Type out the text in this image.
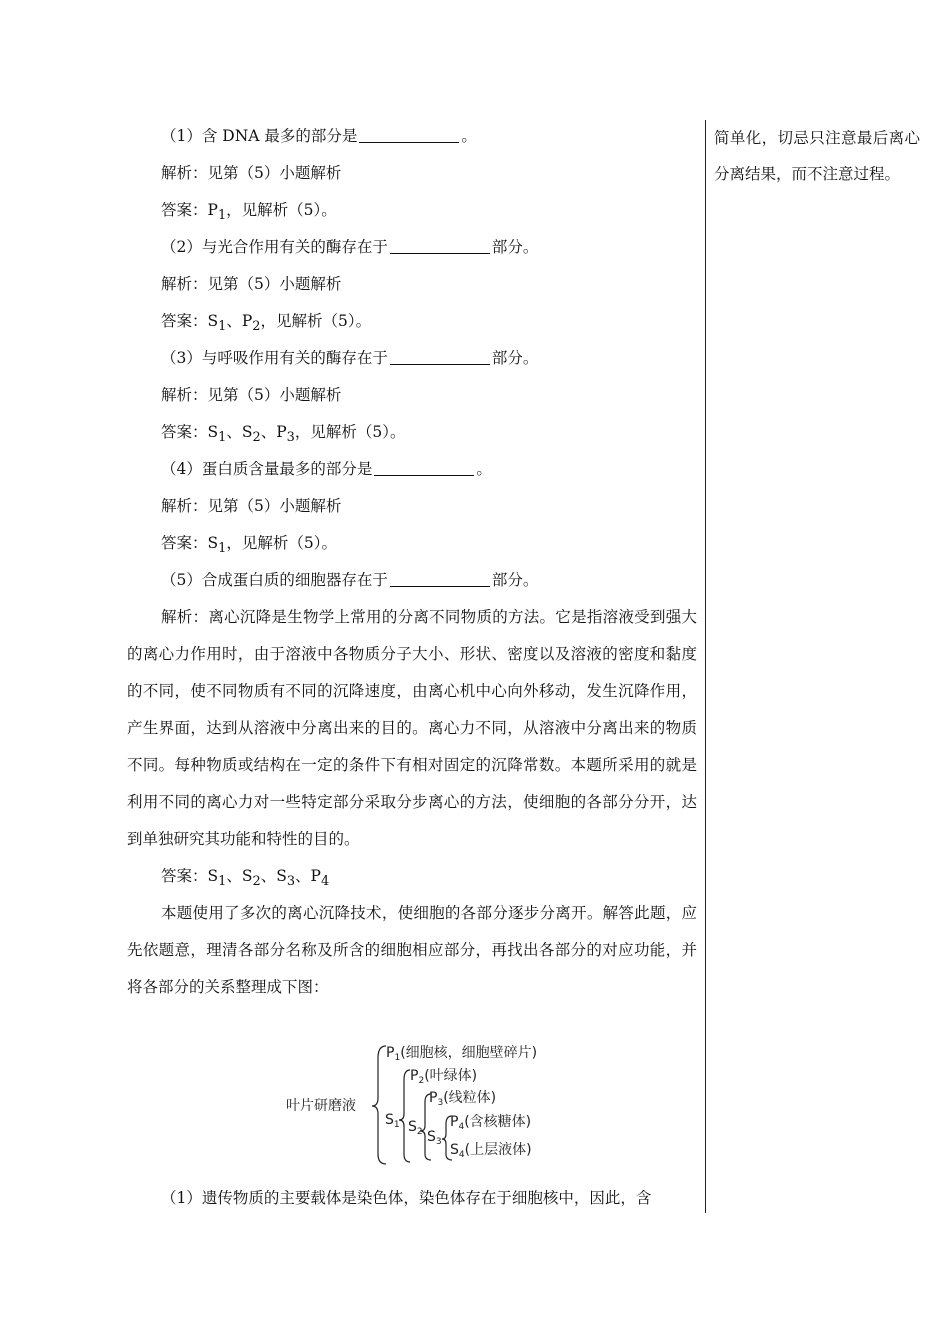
（1）含 DNA 最多的部分是	。
解析：见第（5）小题解析
答案：$P_1$，见解析（5）。
（2）与光合作用有关的酶存在于	部分。
解析：见第（5）小题解析
答案：$S_1$、$P_2$，见解析（5）。
（3）与呼吸作用有关的酶存在于	部分。
解析：见第（5）小题解析
答案：$S_1$、$S_2$、$P_3$，见解析（5）。
（4）蛋白质含量最多的部分是	。
解析：见第（5）小题解析
答案：$S_1$，见解析（5）。
（5）合成蛋白质的细胞器存在于	部分。

解析：离心沉降是生物学上常用的分离不同物质的方法。它是指溶液受到强大的离心力作用时，由于溶液中各物质分子大小、形状、密度以及溶液的密度和黏度的不同，使不同物质有不同的沉降速度，由离心机中心向外移动，发生沉降作用，产生界面，达到从溶液中分离出来的目的。离心力不同，从溶液中分离出来的物质不同。每种物质或结构在一定的条件下有相对固定的沉降常数。本题所采用的就是利用不同的离心力对一些特定部分采取分步离心的方法，使细胞的各部分分开，达到单独研究其功能和特性的目的。

答案：$S_1$、$S_2$、$S_3$、$P_4$

本题使用了多次的离心沉降技术，使细胞的各部分逐步分离开。解答此题，应先依题意，理清各部分名称及所含的细胞相应部分，再找出各部分的对应功能，并将各部分的关系整理成下图：

叶片研磨液
$P_1$(细胞核，细胞壁碎片)
$S_1$
$P_2$(叶绿体)
$S_2$
$P_3$(线粒体)
$S_3$
$P_4$(含核糖体)
$S_4$(上层液体)
（1）遗传物质的主要载体是染色体，染色体存在于细胞核中，因此，含
简单化，切忌只注意最后离心分离结果，而不注意过程。
